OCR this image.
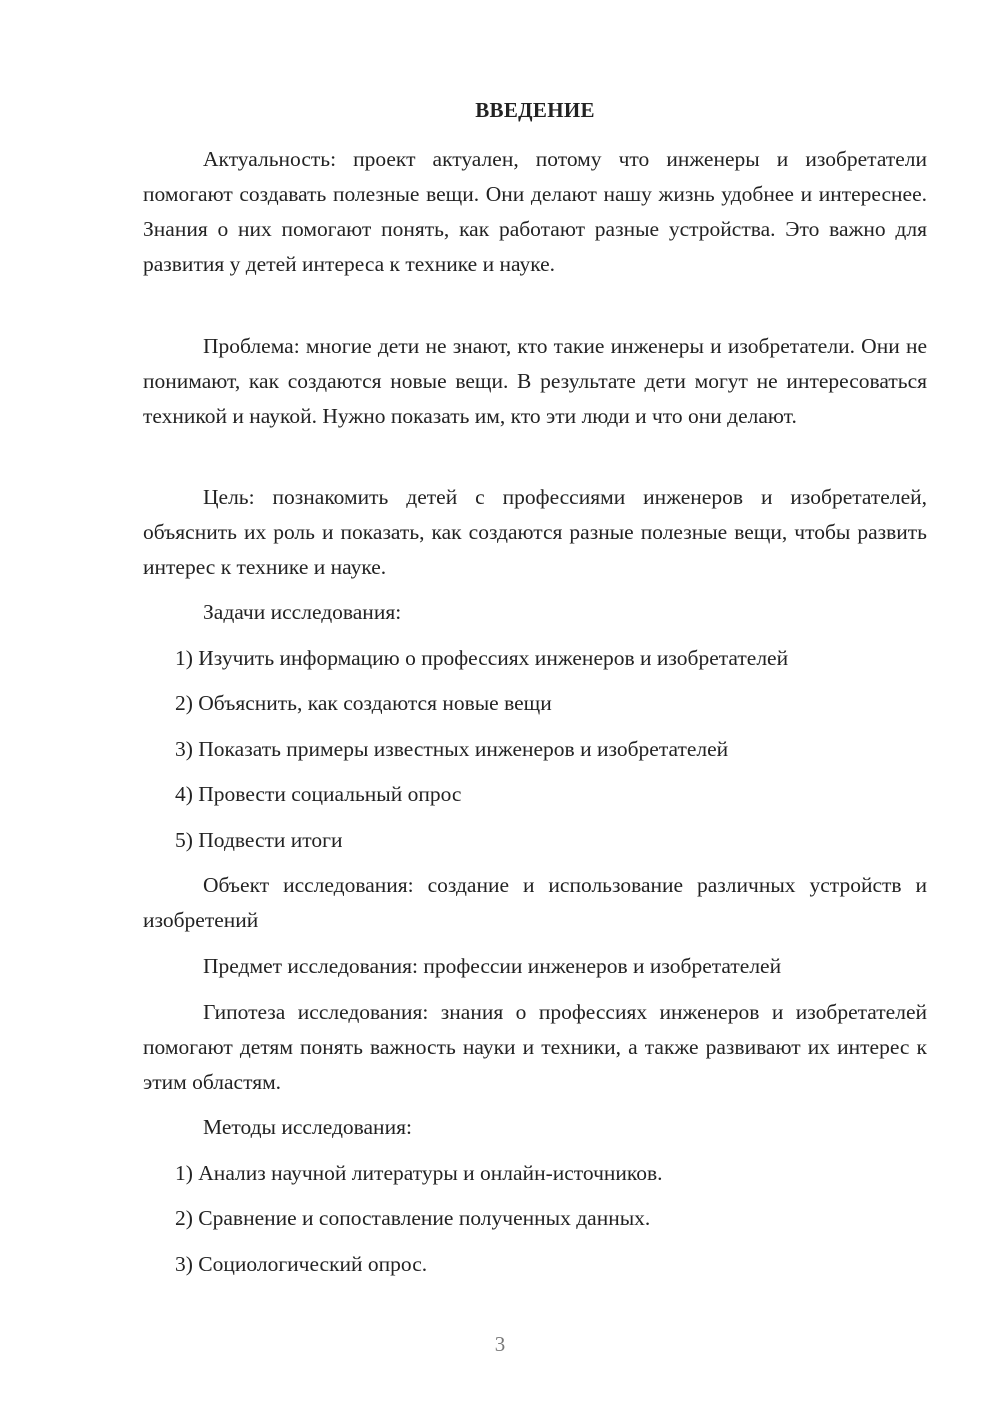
ВВЕДЕНИЕ

Актуальность: проект актуален, потому что инженеры и изобретатели помогают создавать полезные вещи. Они делают нашу жизнь удобнее и интереснее. Знания о них помогают понять, как работают разные устройства. Это важно для развития у детей интереса к технике и науке.

Проблема: многие дети не знают, кто такие инженеры и изобретатели. Они не понимают, как создаются новые вещи. В результате дети могут не интересоваться техникой и наукой. Нужно показать им, кто эти люди и что они делают.

Цель: познакомить детей с профессиями инженеров и изобретателей, объяснить их роль и показать, как создаются разные полезные вещи, чтобы развить интерес к технике и науке.

Задачи исследования:
1) Изучить информацию о профессиях инженеров и изобретателей
2) Объяснить, как создаются новые вещи
3) Показать примеры известных инженеров и изобретателей
4) Провести социальный опрос
5) Подвести итоги

Объект исследования: создание и использование различных устройств и изобретений

Предмет исследования: профессии инженеров и изобретателей

Гипотеза исследования: знания о профессиях инженеров и изобретателей помогают детям понять важность науки и техники, а также развивают их интерес к этим областям.

Методы исследования:
1) Анализ научной литературы и онлайн-источников.
2) Сравнение и сопоставление полученных данных.
3) Социологический опрос.
3
